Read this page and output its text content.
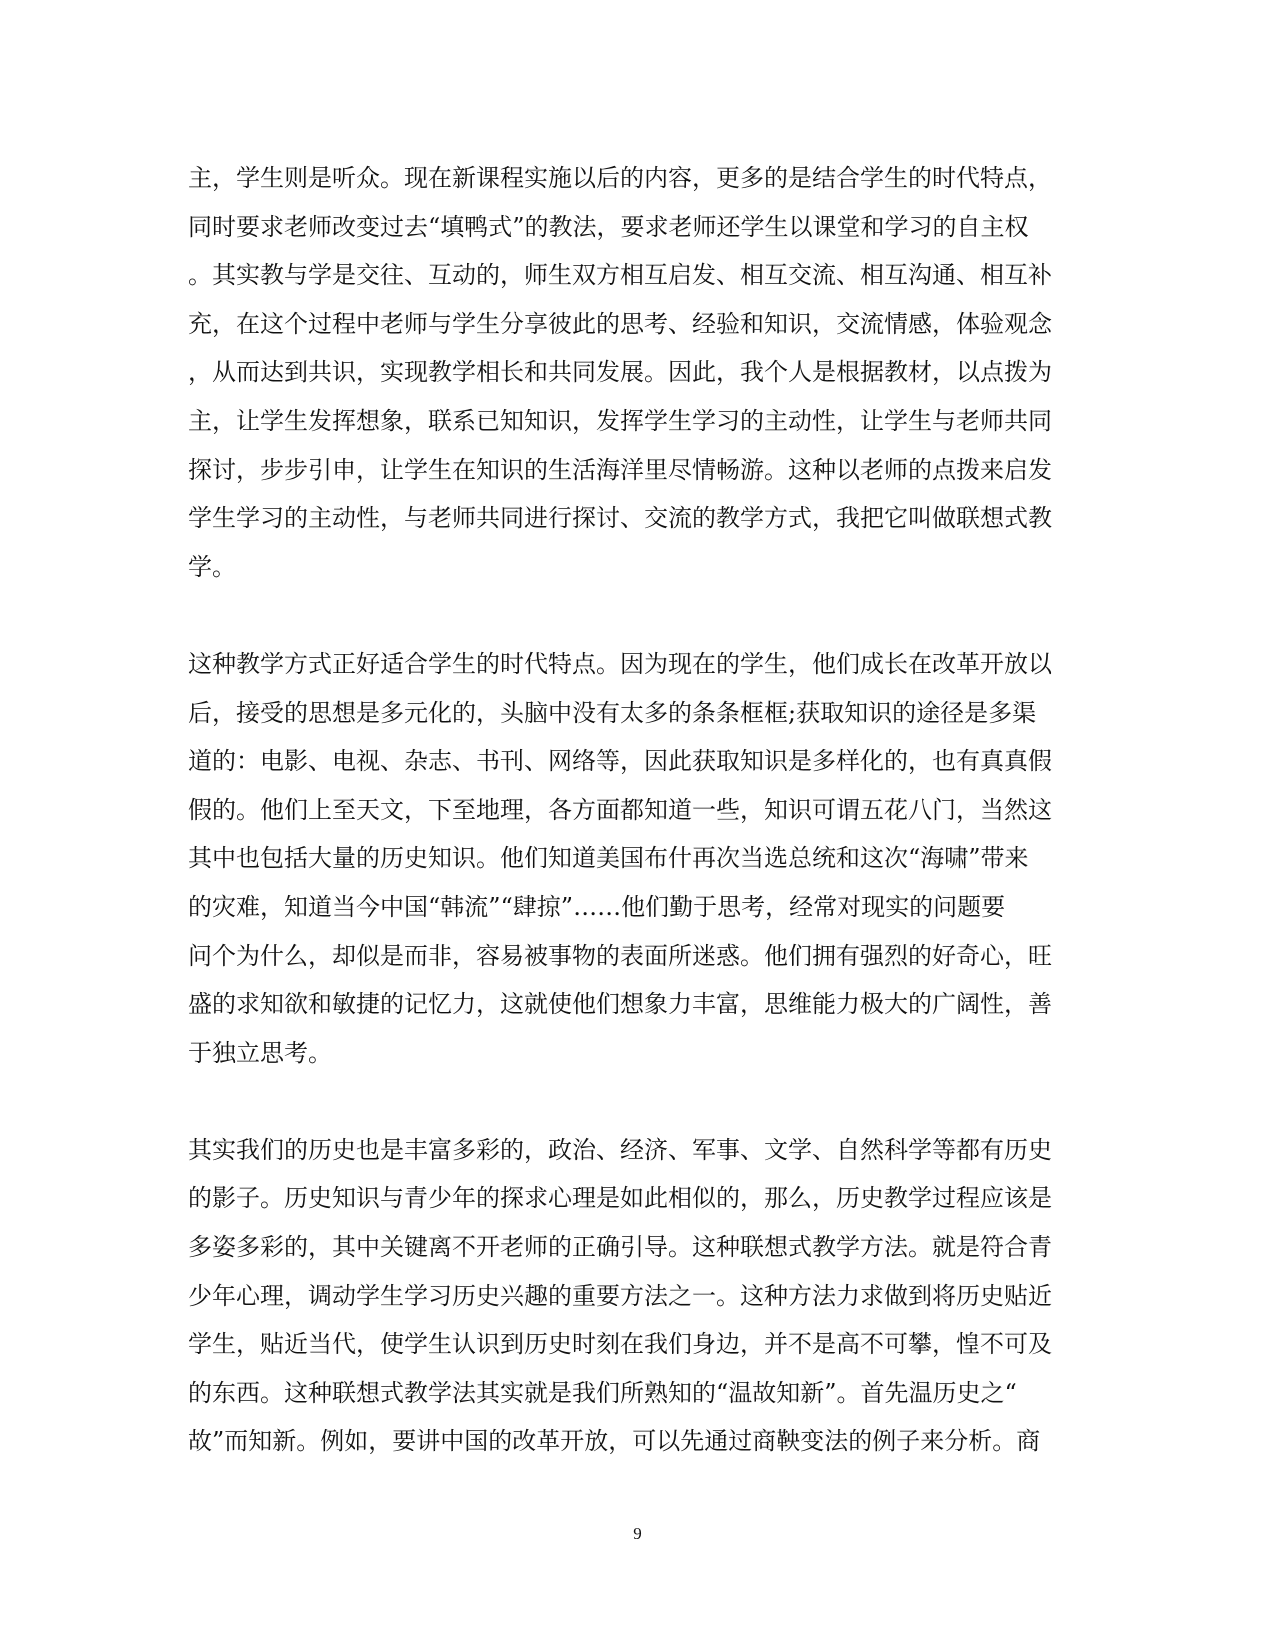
主，学生则是听众。现在新课程实施以后的内容，更多的是结合学生的时代特点，
同时要求老师改变过去“填鸭式”的教法，要求老师还学生以课堂和学习的自主权
。其实教与学是交往、互动的，师生双方相互启发、相互交流、相互沟通、相互补
充，在这个过程中老师与学生分享彼此的思考、经验和知识，交流情感，体验观念
，从而达到共识，实现教学相长和共同发展。因此，我个人是根据教材，以点拨为
主，让学生发挥想象，联系已知知识，发挥学生学习的主动性，让学生与老师共同
探讨，步步引申，让学生在知识的生活海洋里尽情畅游。这种以老师的点拨来启发
学生学习的主动性，与老师共同进行探讨、交流的教学方式，我把它叫做联想式教
学。
这种教学方式正好适合学生的时代特点。因为现在的学生，他们成长在改革开放以
后，接受的思想是多元化的，头脑中没有太多的条条框框;获取知识的途径是多渠
道的：电影、电视、杂志、书刊、网络等，因此获取知识是多样化的，也有真真假
假的。他们上至天文，下至地理，各方面都知道一些，知识可谓五花八门，当然这
其中也包括大量的历史知识。他们知道美国布什再次当选总统和这次“海啸”带来
的灾难，知道当今中国“韩流”“肆掠”……他们勤于思考，经常对现实的问题要
问个为什么，却似是而非，容易被事物的表面所迷惑。他们拥有强烈的好奇心，旺
盛的求知欲和敏捷的记忆力，这就使他们想象力丰富，思维能力极大的广阔性，善
于独立思考。
其实我们的历史也是丰富多彩的，政治、经济、军事、文学、自然科学等都有历史
的影子。历史知识与青少年的探求心理是如此相似的，那么，历史教学过程应该是
多姿多彩的，其中关键离不开老师的正确引导。这种联想式教学方法。就是符合青
少年心理，调动学生学习历史兴趣的重要方法之一。这种方法力求做到将历史贴近
学生，贴近当代，使学生认识到历史时刻在我们身边，并不是高不可攀，惶不可及
的东西。这种联想式教学法其实就是我们所熟知的“温故知新”。首先温历史之“
故”而知新。例如，要讲中国的改革开放，可以先通过商鞅变法的例子来分析。商
9
